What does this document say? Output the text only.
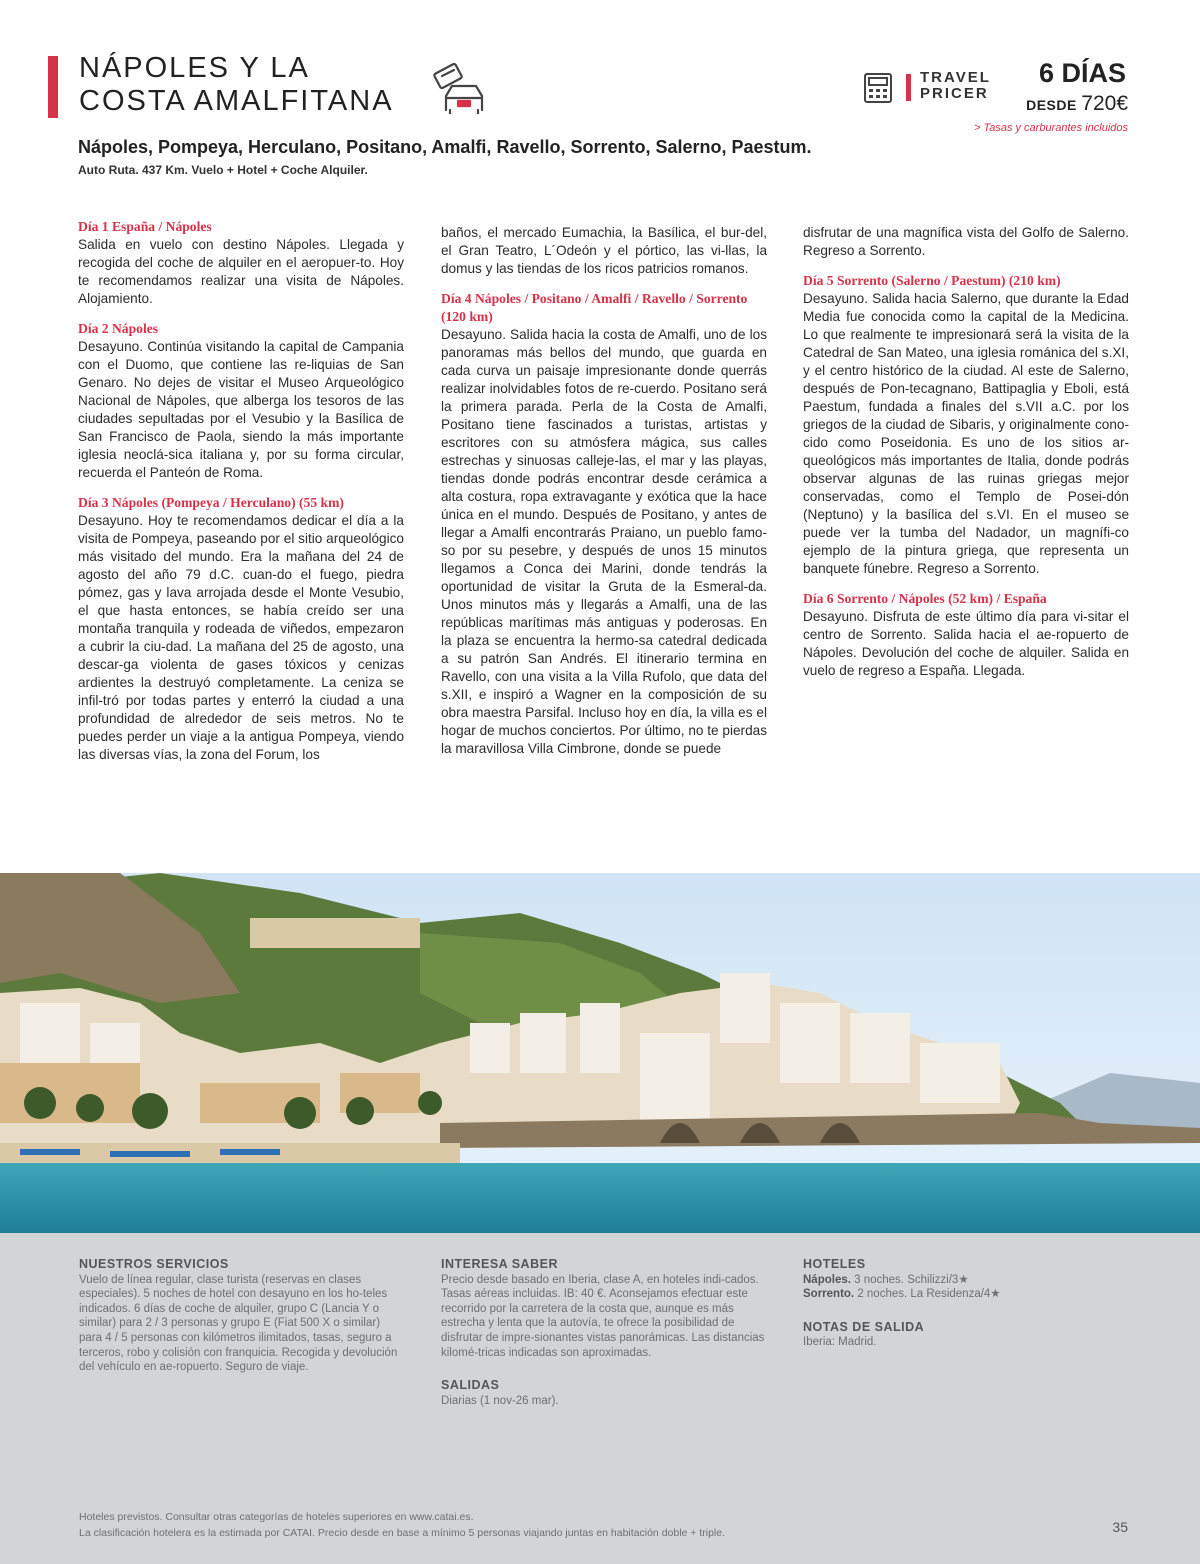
NÁPOLES Y LA
COSTA AMALFITANA
TRAVEL
PRICER
6 DÍAS
DESDE 720€
> Tasas y carburantes incluidos
Nápoles, Pompeya, Herculano, Positano, Amalfi, Ravello, Sorrento, Salerno, Paestum.
Auto Ruta. 437 Km. Vuelo + Hotel + Coche Alquiler.
Día 1 España / Nápoles

Salida en vuelo con destino Nápoles. Llegada y recogida del coche de alquiler en el aeropuer-to. Hoy te recomendamos realizar una visita de Nápoles. Alojamiento.

Día 2 Nápoles

Desayuno. Continúa visitando la capital de Campania con el Duomo, que contiene las re-liquias de San Genaro. No dejes de visitar el Museo Arqueológico Nacional de Nápoles, que alberga los tesoros de las ciudades sepultadas por el Vesubio y la Basílica de San Francisco de Paola, siendo la más importante iglesia neoclá-sica italiana y, por su forma circular, recuerda el Panteón de Roma.

Día 3 Nápoles (Pompeya / Herculano) (55 km)

Desayuno. Hoy te recomendamos dedicar el día a la visita de Pompeya, paseando por el sitio arqueológico más visitado del mundo. Era la mañana del 24 de agosto del año 79 d.C. cuan-do el fuego, piedra pómez, gas y lava arrojada desde el Monte Vesubio, el que hasta entonces, se había creído ser una montaña tranquila y rodeada de viñedos, empezaron a cubrir la ciu-dad. La mañana del 25 de agosto, una descar-ga violenta de gases tóxicos y cenizas ardientes la destruyó completamente. La ceniza se infil-tró por todas partes y enterró la ciudad a una profundidad de alrededor de seis metros. No te puedes perder un viaje a la antigua Pompeya, viendo las diversas vías, la zona del Forum, los

baños, el mercado Eumachia, la Basílica, el bur-del, el Gran Teatro, L´Odeón y el pórtico, las vi-llas, la domus y las tiendas de los ricos patricios romanos.

Día 4 Nápoles / Positano / Amalfi / Ravello / Sorrento (120 km)

Desayuno. Salida hacia la costa de Amalfi, uno de los panoramas más bellos del mundo, que guarda en cada curva un paisaje impresionante donde querrás realizar inolvidables fotos de re-cuerdo. Positano será la primera parada. Perla de la Costa de Amalfi, Positano tiene fascinados a turistas, artistas y escritores con su atmósfera mágica, sus calles estrechas y sinuosas calleje-las, el mar y las playas, tiendas donde podrás encontrar desde cerámica a alta costura, ropa extravagante y exótica que la hace única en el mundo. Después de Positano, y antes de llegar a Amalfi encontrarás Praiano, un pueblo famo-so por su pesebre, y después de unos 15 minutos llegamos a Conca dei Marini, donde tendrás la oportunidad de visitar la Gruta de la Esmeral-da. Unos minutos más y llegarás a Amalfi, una de las repúblicas marítimas más antiguas y poderosas. En la plaza se encuentra la hermo-sa catedral dedicada a su patrón San Andrés. El itinerario termina en Ravello, con una visita a la Villa Rufolo, que data del s.XII, e inspiró a Wagner en la composición de su obra maestra Parsifal. Incluso hoy en día, la villa es el hogar de muchos conciertos. Por último, no te pierdas la maravillosa Villa Cimbrone, donde se puede

disfrutar de una magnífica vista del Golfo de Salerno. Regreso a Sorrento.

Día 5 Sorrento (Salerno / Paestum) (210 km)

Desayuno. Salida hacia Salerno, que durante la Edad Media fue conocida como la capital de la Medicina. Lo que realmente te impresionará será la visita de la Catedral de San Mateo, una iglesia románica del s.XI, y el centro histórico de la ciudad. Al este de Salerno, después de Pon-tecagnano, Battipaglia y Eboli, está Paestum, fundada a finales del s.VII a.C. por los griegos de la ciudad de Sibaris, y originalmente cono-cido como Poseidonia. Es uno de los sitios ar-queológicos más importantes de Italia, donde podrás observar algunas de las ruinas griegas mejor conservadas, como el Templo de Posei-dón (Neptuno) y la basílica del s.VI. En el museo se puede ver la tumba del Nadador, un magnífi-co ejemplo de la pintura griega, que representa un banquete fúnebre. Regreso a Sorrento.

Día 6 Sorrento / Nápoles (52 km) / España

Desayuno. Disfruta de este último día para vi-sitar el centro de Sorrento. Salida hacia el ae-ropuerto de Nápoles. Devolución del coche de alquiler. Salida en vuelo de regreso a España. Llegada.

NUESTROS SERVICIOS
Vuelo de línea regular, clase turista (reservas en clases especiales). 5 noches de hotel con desayuno en los ho-teles indicados. 6 días de coche de alquiler, grupo C (Lancia Y o similar) para 2 / 3 personas y grupo E (Fiat 500 X o similar) para 4 / 5 personas con kilómetros ilimitados, tasas, seguro a terceros, robo y colisión con franquicia. Recogida y devolución del vehículo en ae-ropuerto. Seguro de viaje.
INTERESA SABER
Precio desde basado en Iberia, clase A, en hoteles indi-cados. Tasas aéreas incluidas. IB: 40 €. Aconsejamos efectuar este recorrido por la carretera de la costa que, aunque es más estrecha y lenta que la autovía, te ofrece la posibilidad de disfrutar de impre-sionantes vistas panorámicas. Las distancias kilomé-tricas indicadas son aproximadas.
SALIDAS
Diarias (1 nov-26 mar).
HOTELES
Nápoles. 3 noches. Schilizzi/3★
Sorrento. 2 noches. La Residenza/4★
NOTAS DE SALIDA
Iberia: Madrid.
Hoteles previstos. Consultar otras categorías de hoteles superiores en www.catai.es.
La clasificación hotelera es la estimada por CATAI. Precio desde en base a mínimo 5 personas viajando juntas en habitación doble + triple.	35
